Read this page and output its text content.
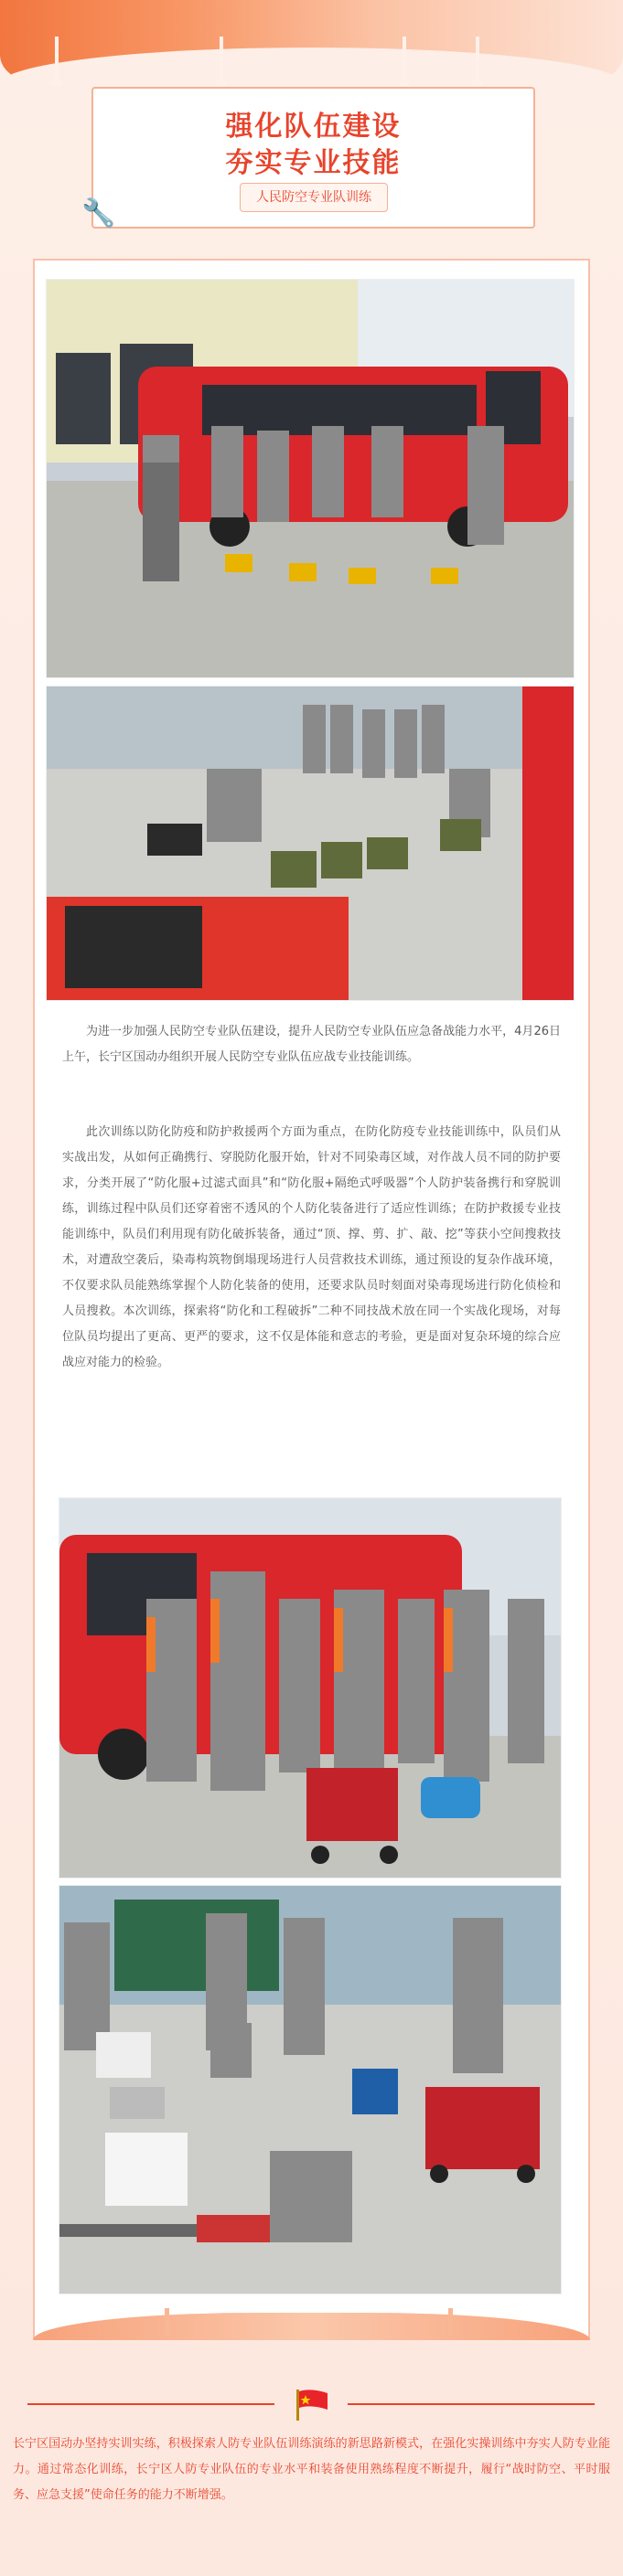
强化队伍建设
夯实专业技能
人民防空专业队训练
🔧
为进一步加强人民防空专业队伍建设，提升人民防空专业队伍应急备战能力水平，4月26日上午，长宁区国动办组织开展人民防空专业队伍应战专业技能训练。
此次训练以防化防疫和防护救援两个方面为重点，在防化防疫专业技能训练中，队员们从实战出发，从如何正确携行、穿脱防化服开始，针对不同染毒区域，对作战人员不同的防护要求，分类开展了“防化服+过滤式面具”和“防化服+隔绝式呼吸器”个人防护装备携行和穿脱训练，训练过程中队员们还穿着密不透风的个人防化装备进行了适应性训练；在防护救援专业技能训练中，队员们利用现有防化破拆装备，通过“顶、撑、剪、扩、敲、挖”等获小空间搜救技术，对遭敌空袭后，染毒构筑物倒塌现场进行人员营救技术训练，通过预设的复杂作战环境，不仅要求队员能熟练掌握个人防化装备的使用，还要求队员时刻面对染毒现场进行防化侦检和人员搜救。本次训练，探索将“防化和工程破拆”二种不同技战术放在同一个实战化现场，对每位队员均提出了更高、更严的要求，这不仅是体能和意志的考验，更是面对复杂环境的综合应战应对能力的检验。
长宁区国动办坚持实训实练，积极探索人防专业队伍训练演练的新思路新模式，在强化实操训练中夯实人防专业能力。通过常态化训练，长宁区人防专业队伍的专业水平和装备使用熟练程度不断提升，履行“战时防空、平时服务、应急支援”使命任务的能力不断增强。
